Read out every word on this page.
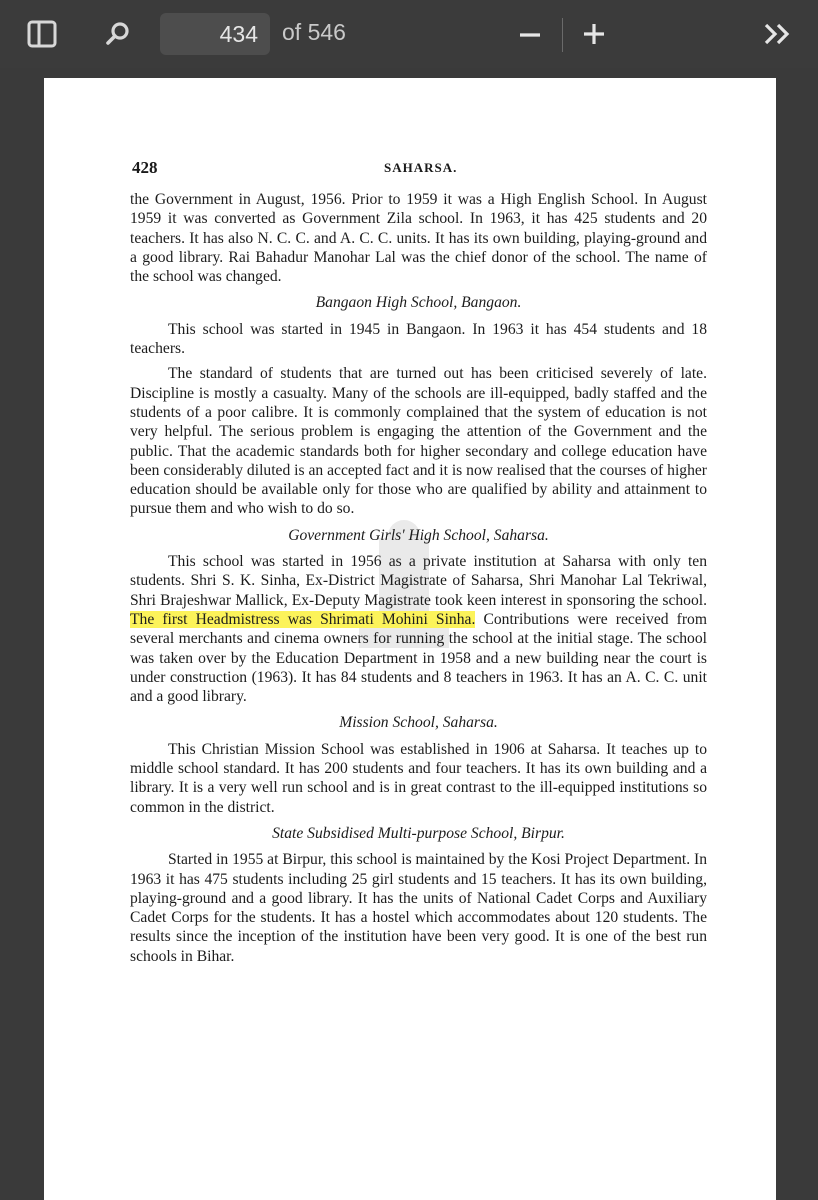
434	of 546
428	SAHARSA.

the Government in August, 1956. Prior to 1959 it was a High English School. In August 1959 it was converted as Government Zila school. In 1963, it has 425 students and 20 teachers. It has also N. C. C. and A. C. C. units. It has its own building, playing-ground and a good library. Rai Bahadur Manohar Lal was the chief donor of the school. The name of the school was changed.

Bangaon High School, Bangaon.

This school was started in 1945 in Bangaon. In 1963 it has 454 students and 18 teachers.

The standard of students that are turned out has been criticised severely of late. Discipline is mostly a casualty. Many of the schools are ill-equipped, badly staffed and the students of a poor calibre. It is commonly complained that the system of education is not very helpful. The serious problem is engaging the attention of the Government and the public. That the academic standards both for higher secondary and college education have been considerably diluted is an accepted fact and it is now realised that the courses of higher education should be available only for those who are qualified by ability and attainment to pursue them and who wish to do so.

Government Girls' High School, Saharsa.

This school was started in 1956 as a private institution at Saharsa with only ten students. Shri S. K. Sinha, Ex-District Magistrate of Saharsa, Shri Manohar Lal Tekriwal, Shri Brajeshwar Mallick, Ex-Deputy Magistrate took keen interest in sponsoring the school. The first Headmistress was Shrimati Mohini Sinha. Contributions were received from several merchants and cinema owners for running the school at the initial stage. The school was taken over by the Education Department in 1958 and a new building near the court is under construction (1963). It has 84 students and 8 teachers in 1963. It has an A. C. C. unit and a good library.

Mission School, Saharsa.

This Christian Mission School was established in 1906 at Saharsa. It teaches up to middle school standard. It has 200 students and four teachers. It has its own building and a library. It is a very well run school and is in great contrast to the ill-equipped institutions so common in the district.

State Subsidised Multi-purpose School, Birpur.

Started in 1955 at Birpur, this school is maintained by the Kosi Project Department. In 1963 it has 475 students including 25 girl students and 15 teachers. It has its own building, playing-ground and a good library. It has the units of National Cadet Corps and Auxiliary Cadet Corps for the students. It has a hostel which accommodates about 120 students. The results since the inception of the institution have been very good. It is one of the best run schools in Bihar.
